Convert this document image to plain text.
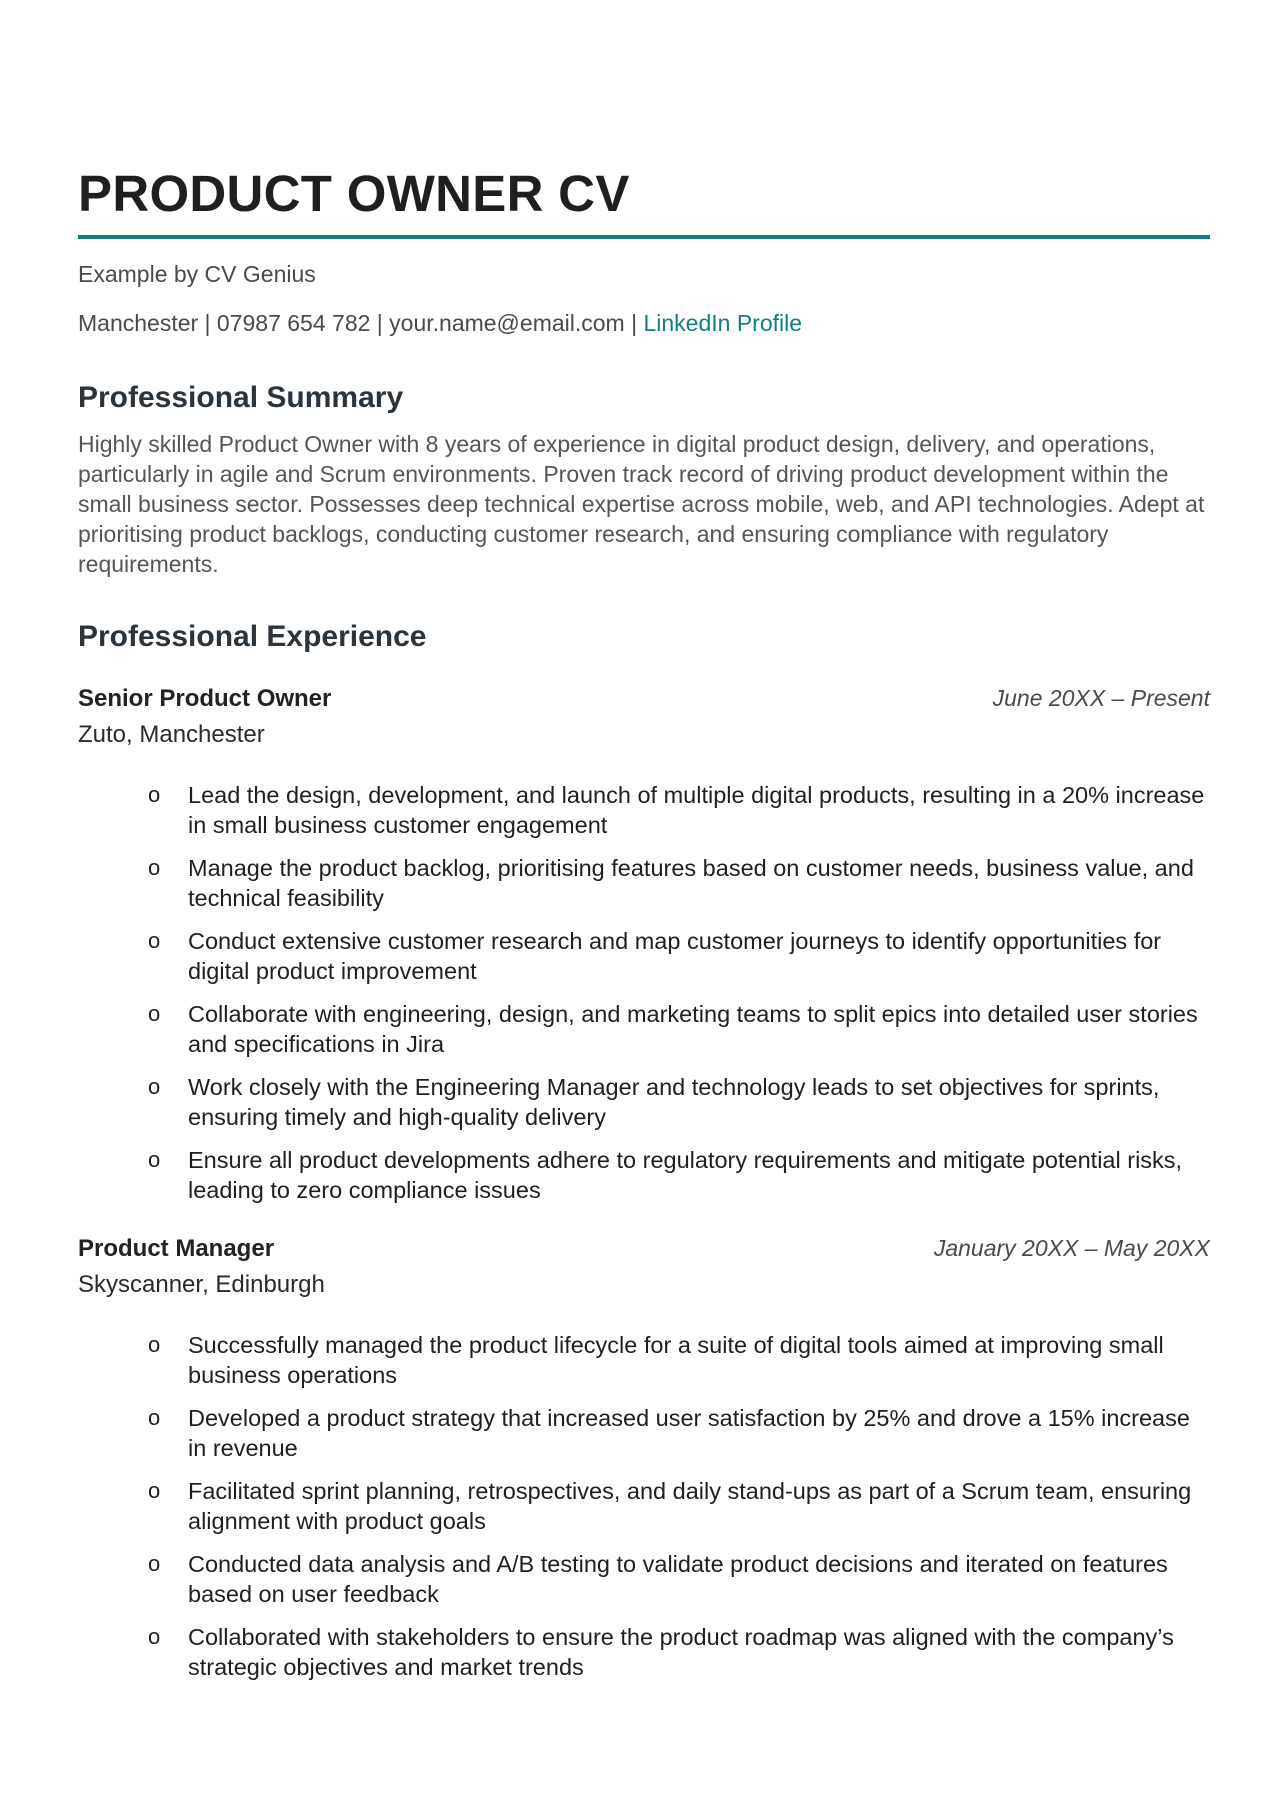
PRODUCT OWNER CV
Example by CV Genius
Manchester | 07987 654 782 | your.name@email.com | LinkedIn Profile
Professional Summary
Highly skilled Product Owner with 8 years of experience in digital product design, delivery, and operations, particularly in agile and Scrum environments. Proven track record of driving product development within the small business sector. Possesses deep technical expertise across mobile, web, and API technologies. Adept at prioritising product backlogs, conducting customer research, and ensuring compliance with regulatory requirements.
Professional Experience
Senior Product Owner	June 20XX – Present
Zuto, Manchester
o Lead the design, development, and launch of multiple digital products, resulting in a 20% increase in small business customer engagement
o Manage the product backlog, prioritising features based on customer needs, business value, and technical feasibility
o Conduct extensive customer research and map customer journeys to identify opportunities for digital product improvement
o Collaborate with engineering, design, and marketing teams to split epics into detailed user stories and specifications in Jira
o Work closely with the Engineering Manager and technology leads to set objectives for sprints, ensuring timely and high-quality delivery
o Ensure all product developments adhere to regulatory requirements and mitigate potential risks, leading to zero compliance issues
Product Manager	January 20XX – May 20XX
Skyscanner, Edinburgh
o Successfully managed the product lifecycle for a suite of digital tools aimed at improving small business operations
o Developed a product strategy that increased user satisfaction by 25% and drove a 15% increase in revenue
o Facilitated sprint planning, retrospectives, and daily stand-ups as part of a Scrum team, ensuring alignment with product goals
o Conducted data analysis and A/B testing to validate product decisions and iterated on features based on user feedback
o Collaborated with stakeholders to ensure the product roadmap was aligned with the company’s strategic objectives and market trends
